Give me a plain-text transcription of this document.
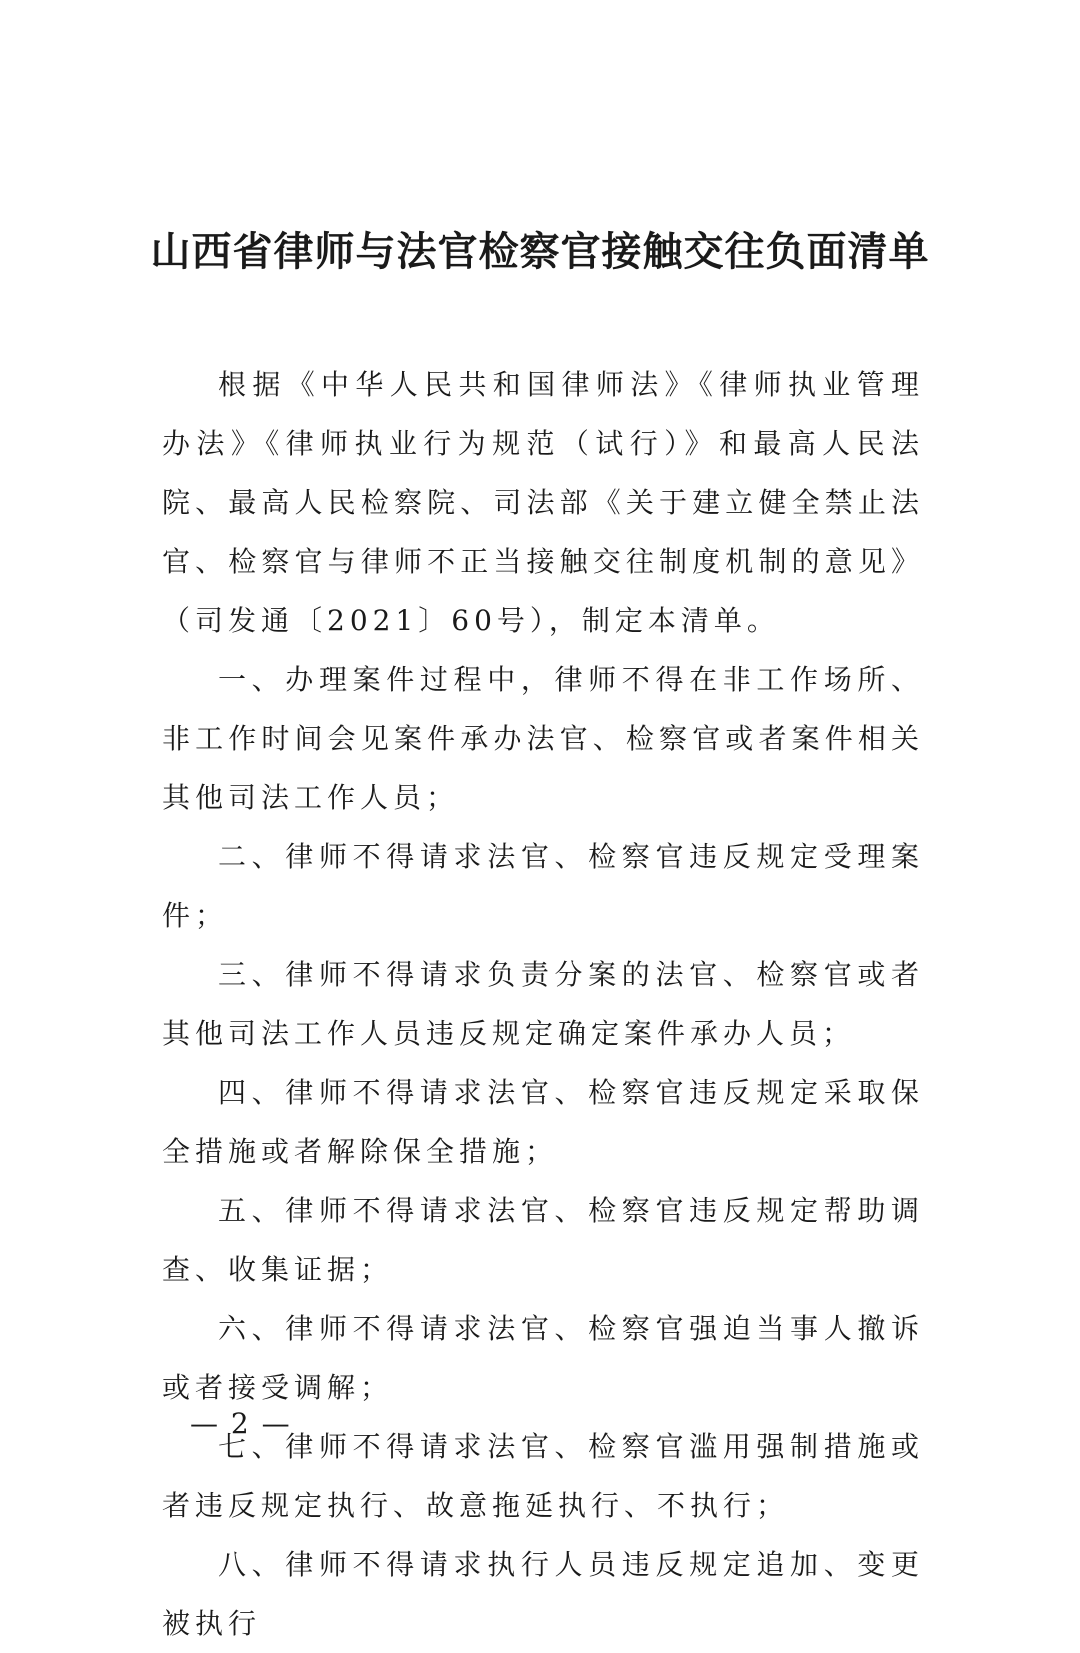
山西省律师与法官检察官接触交往负面清单

根据《中华人民共和国律师法》《律师执业管理办法》《律师执业行为规范（试行）》和最高人民法院、最高人民检察院、司法部《关于建立健全禁止法官、检察官与律师不正当接触交往制度机制的意见》（司发通〔2021〕60号），制定本清单。

一、办理案件过程中，律师不得在非工作场所、非工作时间会见案件承办法官、检察官或者案件相关其他司法工作人员；

二、律师不得请求法官、检察官违反规定受理案件；

三、律师不得请求负责分案的法官、检察官或者其他司法工作人员违反规定确定案件承办人员；

四、律师不得请求法官、检察官违反规定采取保全措施或者解除保全措施；

五、律师不得请求法官、检察官违反规定帮助调查、收集证据；

六、律师不得请求法官、检察官强迫当事人撤诉或者接受调解；

七、律师不得请求法官、检察官滥用强制措施或者违反规定执行、故意拖延执行、不执行；

八、律师不得请求执行人员违反规定追加、变更被执行

— 2 —
